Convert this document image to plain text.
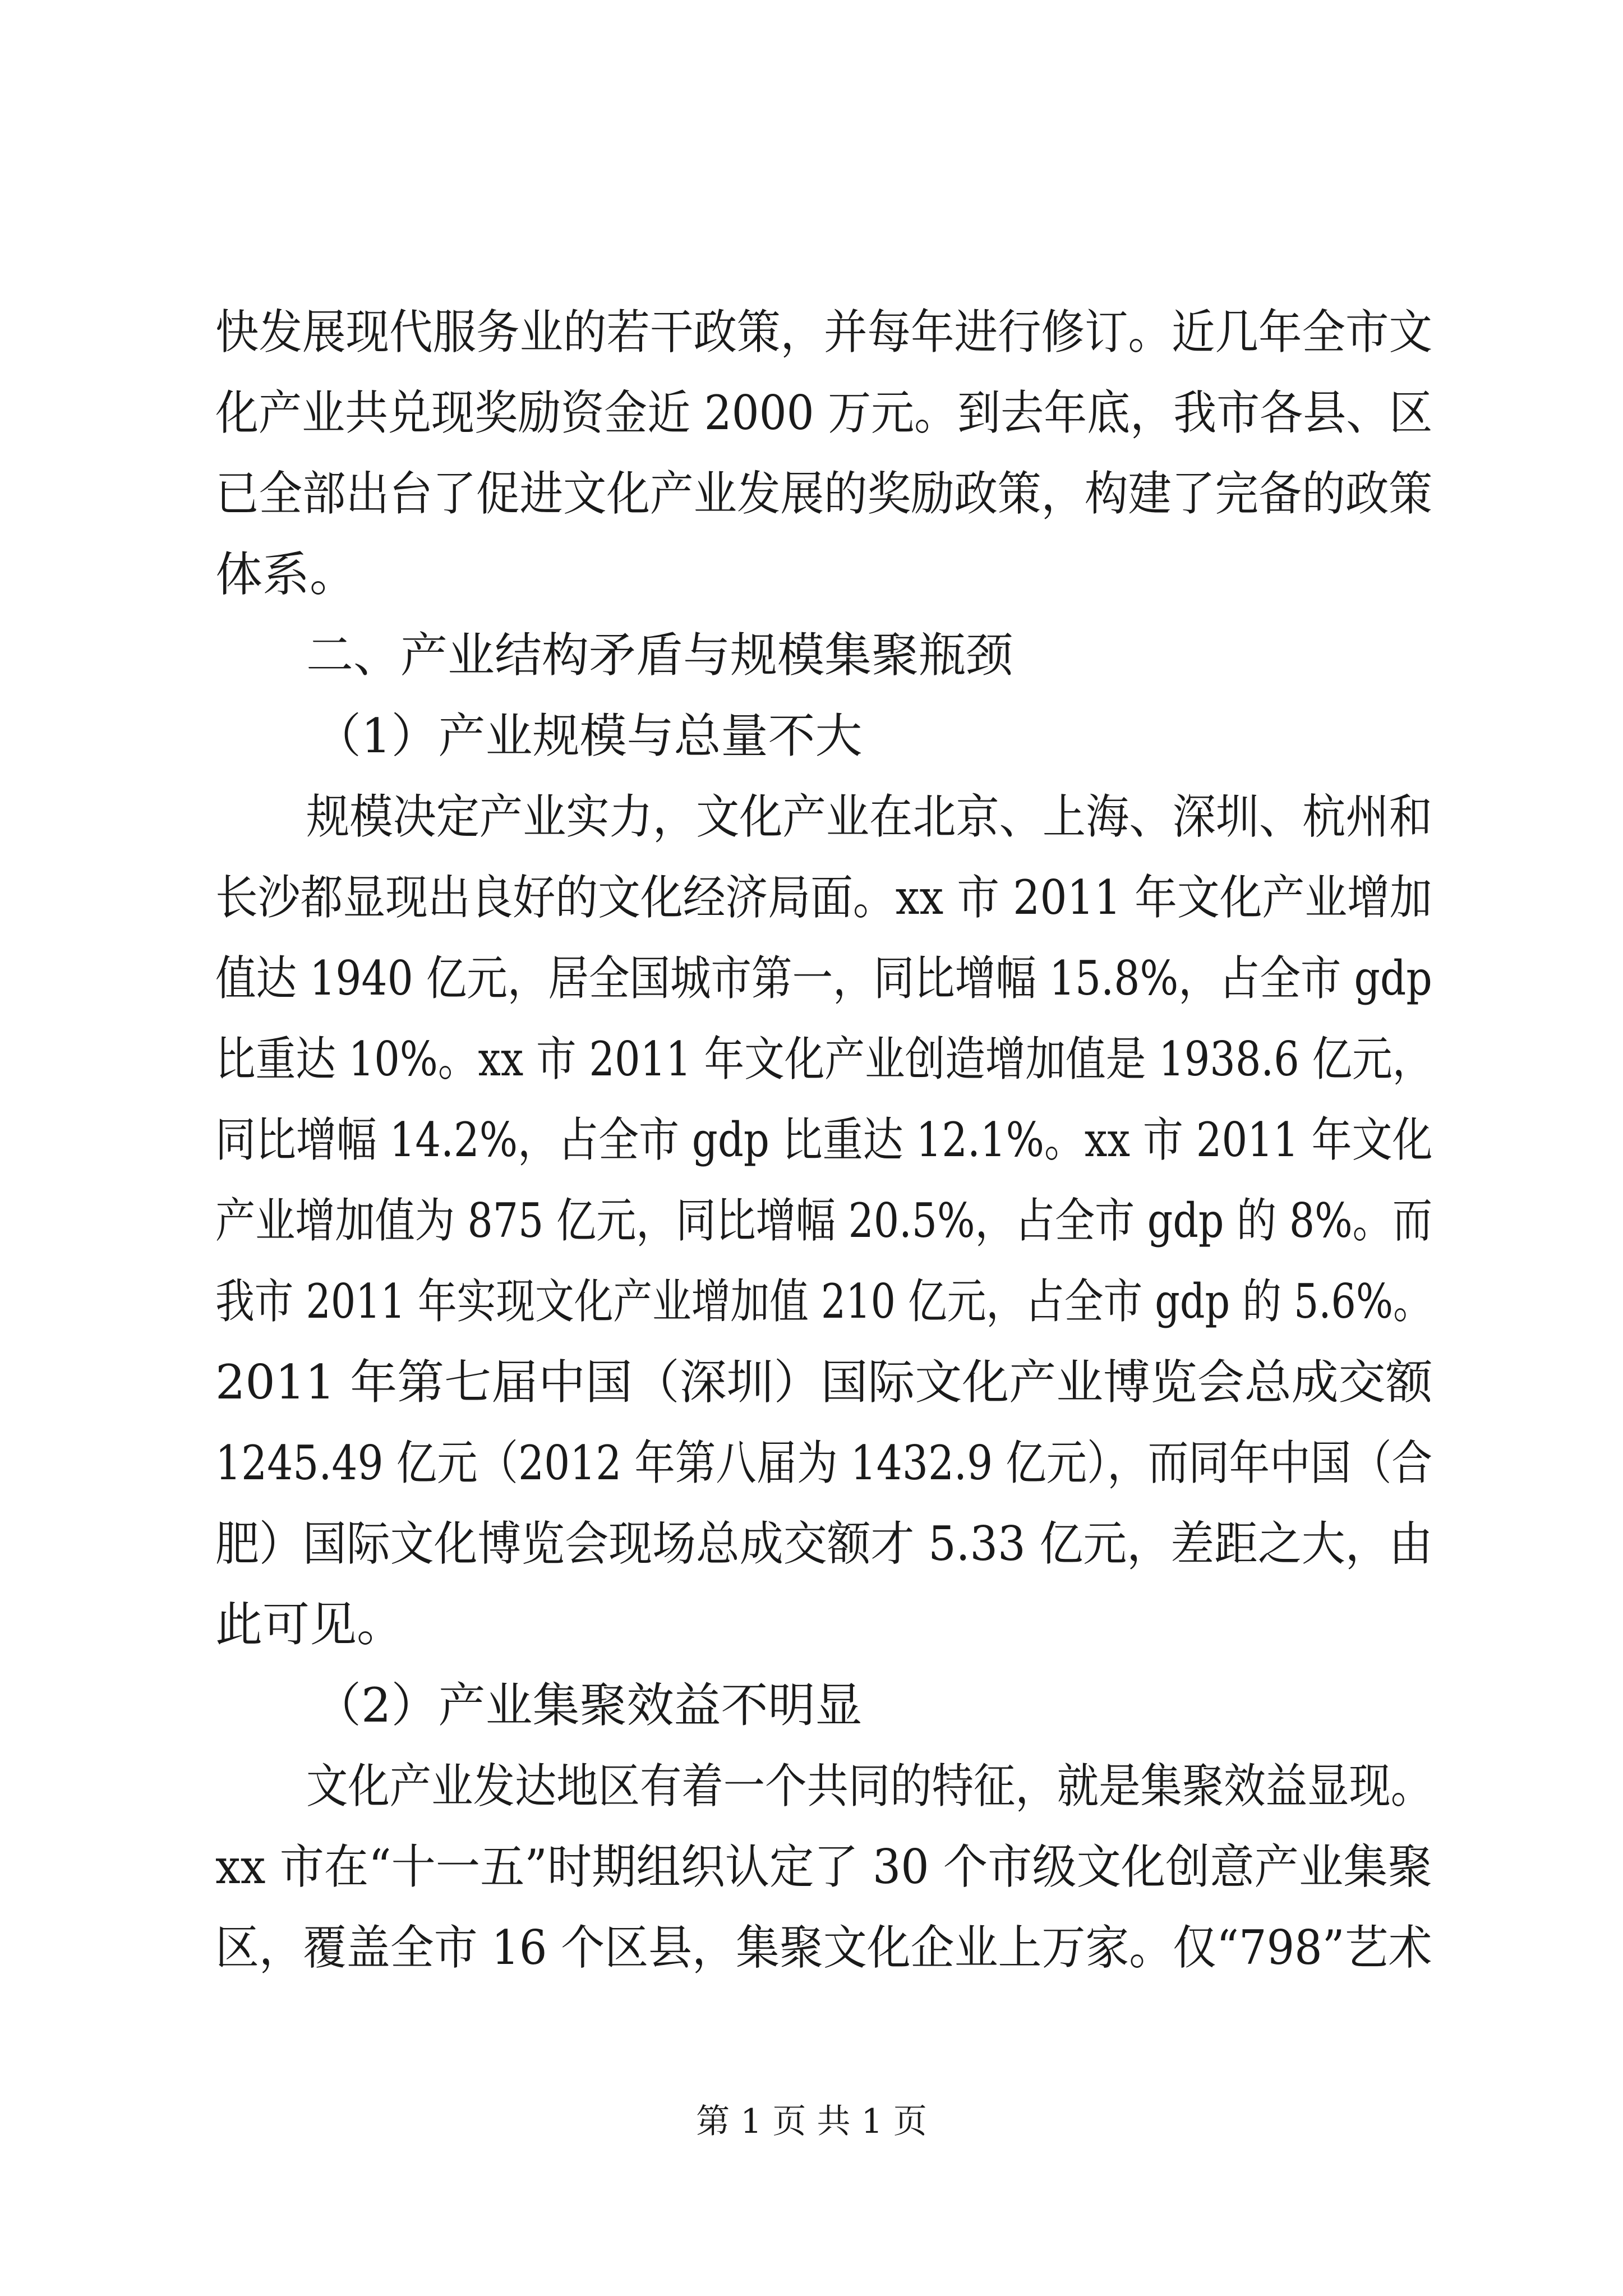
快发展现代服务业的若干政策，并每年进行修订。近几年全市文
化产业共兑现奖励资金近 2000 万元。到去年底，我市各县、区
已全部出台了促进文化产业发展的奖励政策，构建了完备的政策
体系。
二、产业结构矛盾与规模集聚瓶颈
（1）产业规模与总量不大
规模决定产业实力，文化产业在北京、上海、深圳、杭州和
长沙都显现出良好的文化经济局面。xx 市 2011 年文化产业增加
值达 1940 亿元，居全国城市第一，同比增幅 15.8%，占全市 gdp
比重达 10%。xx 市 2011 年文化产业创造增加值是 1938.6 亿元，
同比增幅 14.2%，占全市 gdp 比重达 12.1%。xx 市 2011 年文化
产业增加值为 875 亿元，同比增幅 20.5%，占全市 gdp 的 8%。而
我市 2011 年实现文化产业增加值 210 亿元，占全市 gdp 的 5.6%。
2011 年第七届中国（深圳）国际文化产业博览会总成交额
1245.49 亿元（2012 年第八届为 1432.9 亿元），而同年中国（合
肥）国际文化博览会现场总成交额才 5.33 亿元，差距之大，由
此可见。
（2）产业集聚效益不明显
文化产业发达地区有着一个共同的特征，就是集聚效益显现。
xx 市在“十一五”时期组织认定了 30 个市级文化创意产业集聚
区，覆盖全市 16 个区县，集聚文化企业上万家。仅“798”艺术
第 1 页 共 1 页
